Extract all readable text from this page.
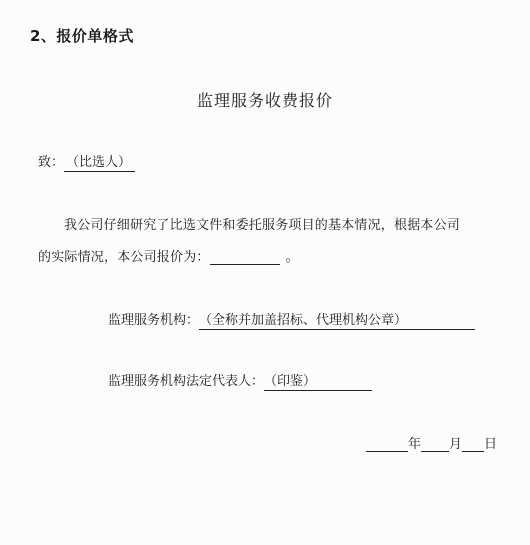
2、报价单格式
监理服务收费报价
致： （比选人）
我公司仔细研究了比选文件和委托服务项目的基本情况，根据本公司
的实际情况，本公司报价为：	。
监理服务机构：（全称并加盖招标、代理机构公章）
监理服务机构法定代表人：（印鉴）
年 月 日
